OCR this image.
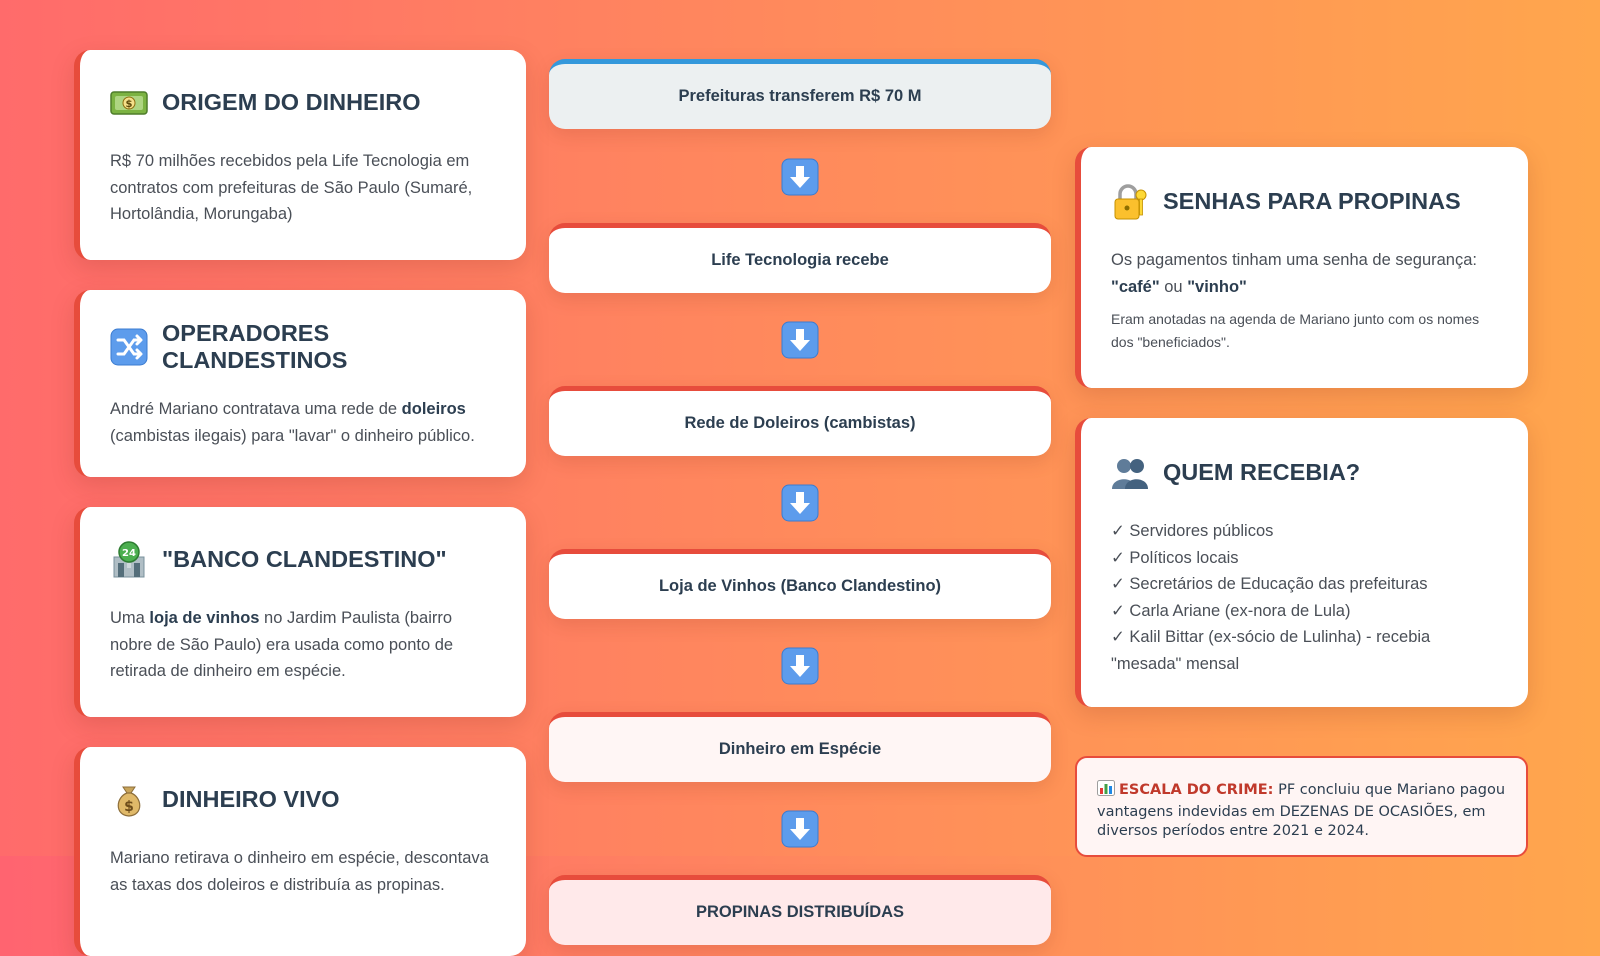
$ ORIGEM DO DINHEIRO

R$ 70 milhões recebidos pela Life Tecnologia em contratos com prefeituras de São Paulo (Sumaré, Hortolândia, Morungaba)

OPERADORES CLANDESTINOS

André Mariano contratava uma rede de doleiros (cambistas ilegais) para "lavar" o dinheiro público.

24 "BANCO CLANDESTINO"

Uma loja de vinhos no Jardim Paulista (bairro nobre de São Paulo) era usada como ponto de retirada de dinheiro em espécie.

$ DINHEIRO VIVO

Mariano retirava o dinheiro em espécie, descontava as taxas dos doleiros e distribuía as propinas.

Prefeituras transferem R$ 70 M
Life Tecnologia recebe
Rede de Doleiros (cambistas)
Loja de Vinhos (Banco Clandestino)
Dinheiro em Espécie
PROPINAS DISTRIBUÍDAS
SENHAS PARA PROPINAS

Os pagamentos tinham uma senha de segurança: "café" ou "vinho"

Eram anotadas na agenda de Mariano junto com os nomes dos "beneficiados".

QUEM RECEBIA?
✓ Servidores públicos
✓ Políticos locais
✓ Secretários de Educação das prefeituras
✓ Carla Ariane (ex-nora de Lula)
✓ Kalil Bittar (ex-sócio de Lulinha) - recebia "mesada" mensal
ESCALA DO CRIME: PF concluiu que Mariano pagou vantagens indevidas em DEZENAS DE OCASIÕES, em diversos períodos entre 2021 e 2024.
